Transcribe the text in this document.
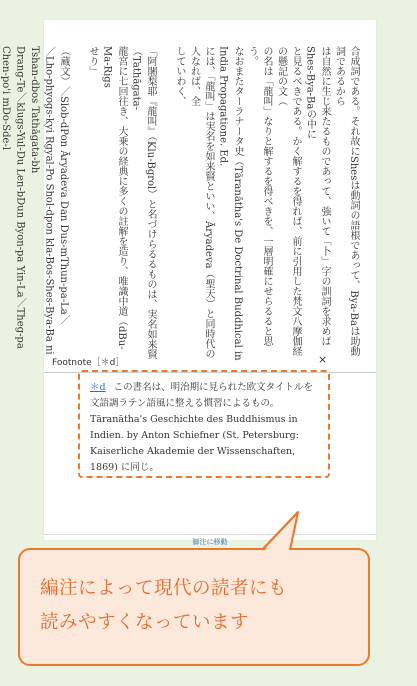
合成詞である。それ故にShesは動詞の語根であって、Bya-Baは助動詞であるから
は自然に生じ来たるものであって、強いて「卜」字の訓詞を求めばShes-Bya-Baの中に
と見るべきである。かく解するを得れば、前に引用した梵文八摩伽経の懸記の文（
の名は「龍叫」なりと解するを得べきを、一層明確にせらるると思う。
なおまたターラナータ史（Tāranātha's De Doctrinal Buddhical in India Propagatione. Ed.
には、「龍叫」は実名を如来賢といい、Āryadeva（聖天）と同時代の人なれば、全
していわく、

「阿闍梨耶『龍叫』（Klu-Bgrol）と名づけらるるものは、実名如来賢（Tathāgata-
龍宮に七回往き、大乗の経典に多くの註解を造り、唯識中道（dBu-Ma-Rigs
せり」

（蔵文）／Slob-dPon Āryadeva Dan Dus-mThun-pa-La／
／Lho-phyogs-kyi Rgyal-Po Shol-dpon kla-Bos-Shes-Bya-Ba ni Tshan-dbos Tathāgata-bh
Drang-Te／klugs-Yul-Du Len-bDun Byon-pa Yin-La／Theg-pa Chen-po'i mDo-Sde-l
脚注に移動
Footnote［＊d］	×
＊d この書名は、明治期に見られた欧文タイトルを文語調ラテン語風に整える慣習によるもの。Tāranātha's Geschichte des Buddhismus in Indien. by Anton Schiefner (St. Petersburg: Kaiserliche Akademie der Wissenschaften, 1869) に同じ。
編注によって現代の読者にも
読みやすくなっています
